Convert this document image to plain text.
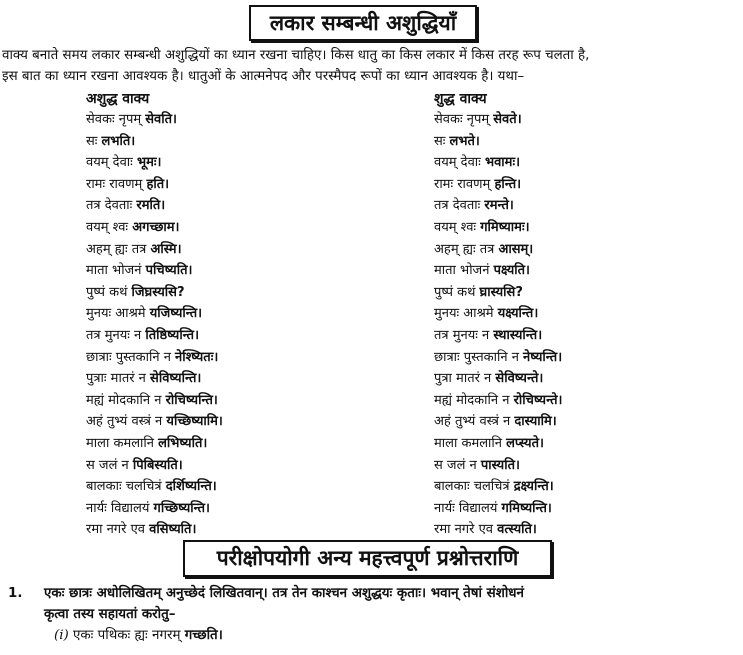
लकार सम्बन्धी अशुद्धियाँ
वाक्य बनाते समय लकार सम्बन्धी अशुद्धियों का ध्यान रखना चाहिए। किस धातु का किस लकार में किस तरह रूप चलता है,
इस बात का ध्यान रखना आवश्यक है। धातुओं के आत्मनेपद और परस्मैपद रूपों का ध्यान आवश्यक है। यथा–
अशुद्ध वाक्य
सेवकः नृपम् सेवति।
सः लभति।
वयम् देवाः भूमः।
रामः रावणम् हति।
तत्र देवताः रमति।
वयम् श्वः अगच्छाम।
अहम् ह्यः तत्र अस्मि।
माता भोजनं पचिष्यति।
पुष्पं कथं जिघ्रस्यसि?
मुनयः आश्रमे यजिष्यन्ति।
तत्र मुनयः न तिष्ठिष्यन्ति।
छात्राः पुस्तकानि न नेश्ष्यितः।
पुत्राः मातरं न सेविष्यन्ति।
मह्यं मोदकानि न रोचिष्यन्ति।
अहं तुभ्यं वस्त्रं न यच्छिष्यामि।
माला कमलानि लभिष्यति।
स जलं न पिबिस्यति।
बालकाः चलचित्रं दर्शिष्यन्ति।
नार्यः विद्यालयं गच्छिष्यन्ति।
रमा नगरे एव वसिष्यति।
शुद्ध वाक्य
सेवकः नृपम् सेवते।
सः लभते।
वयम् देवाः भवामः।
रामः रावणम् हन्ति।
तत्र देवताः रमन्ते।
वयम् श्वः गमिष्यामः।
अहम् ह्यः तत्र आसम्।
माता भोजनं पक्ष्यति।
पुष्पं कथं घ्रास्यसि?
मुनयः आश्रमे यक्ष्यन्ति।
तत्र मुनयः न स्थास्यन्ति।
छात्राः पुस्तकानि न नेष्यन्ति।
पुत्रा मातरं न सेविष्यन्ते।
मह्यं मोदकानि न रोचिष्यन्ते।
अहं तुभ्यं वस्त्रं न दास्यामि।
माला कमलानि लप्स्यते।
स जलं न पास्यति।
बालकाः चलचित्रं द्रक्ष्यन्ति।
नार्यः विद्यालयं गमिष्यन्ति।
रमा नगरे एव वत्स्यति।
परीक्षोपयोगी अन्य महत्त्वपूर्ण प्रश्नोत्तराणि
1. एकः छात्रः अधोलिखितम् अनुच्छेदं लिखितवान्। तत्र तेन काश्चन अशुद्धयः कृताः। भवान् तेषां संशोधनं
कृत्वा तस्य सहायतां करोतु–
(i) एकः पथिकः ह्यः नगरम् गच्छति।
